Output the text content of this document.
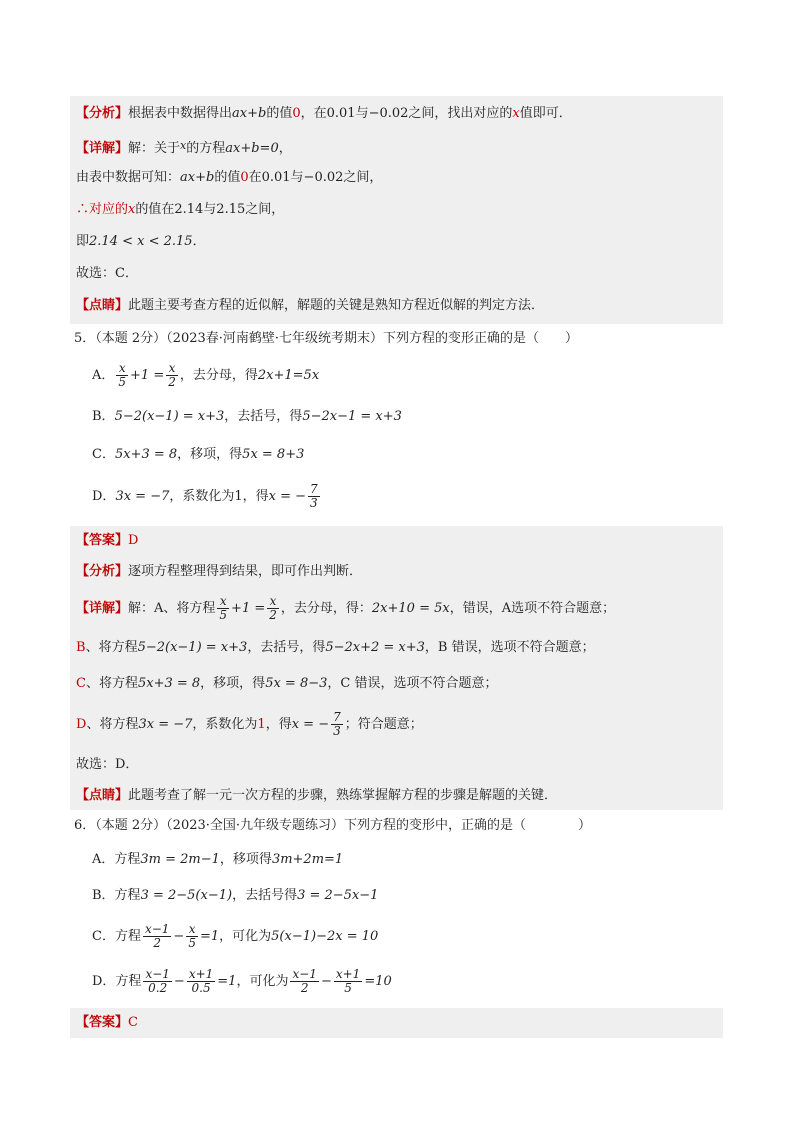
【分析】根据表中数据得出ax+b的值0，在0.01与−0.02之间，找出对应的x值即可．
【详解】解：关于$^x$的方程ax+b=0，
由表中数据可知：ax+b的值0在0.01与−0.02之间，
∴对应的x的值在2.14与2.15之间，
即2.14 < x < 2.15．
故选：C．
【点睛】此题主要考查方程的近似解，解题的关键是熟知方程近似解的判定方法．
5．（本题 2分）（2023春·河南鹤壁·七年级统考期末）下列方程的变形正确的是（　　）
A． $\frac{x}{5} +1 = \frac{x}{2}$ ，去分母，得2x+1=5x
B．5−2(x−1) = x+3，去括号，得5−2x−1 = x+3
C．5x+3 = 8，移项，得5x = 8+3
D．3x = −7，系数化为1，得x = − $\frac{7}{3}$
【答案】D
【分析】逐项方程整理得到结果，即可作出判断．
【详解】解：A、将方程 $\frac{x}{5} +1 = \frac{x}{2}$ ，去分母，得：2x+10 = 5x，错误，A选项不符合题意；
B、将方程5−2(x−1) = x+3，去括号，得5−2x+2 = x+3，B 错误，选项不符合题意；
C、将方程5x+3 = 8，移项，得5x = 8−3，C 错误，选项不符合题意；
D、将方程3x = −7，系数化为1，得x = − $\frac{7}{3}$ ；符合题意；
故选：D．
【点睛】此题考查了解一元一次方程的步骤，熟练掌握解方程的步骤是解题的关键．
6．（本题 2分）（2023·全国·九年级专题练习）下列方程的变形中，正确的是（　　　　）
A．方程3m = 2m−1，移项得3m+2m=1
B．方程3 = 2−5(x−1)，去括号得3 = 2−5x−1
C．方程 $\frac{x-1}{2} - \frac{x}{5} =1$，可化为5(x−1)−2x = 10
D．方程 $\frac{x-1}{0.2} - \frac{x+1}{0.5} =1$，可化为 $\frac{x-1}{2} - \frac{x+1}{5} =10$
【答案】C
